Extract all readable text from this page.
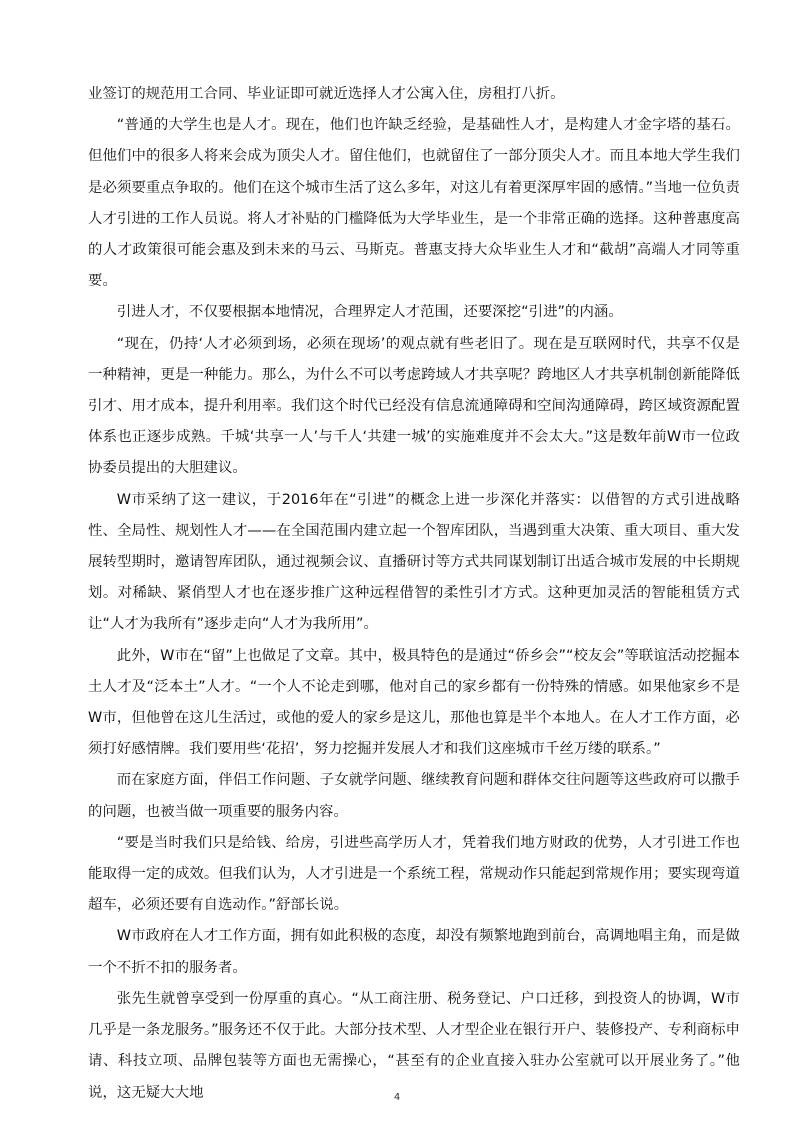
业签订的规范用工合同、毕业证即可就近选择人才公寓入住，房租打八折。

“普通的大学生也是人才。现在，他们也许缺乏经验，是基础性人才，是构建人才金字塔的基石。但他们中的很多人将来会成为顶尖人才。留住他们，也就留住了一部分顶尖人才。而且本地大学生我们是必须要重点争取的。他们在这个城市生活了这么多年，对这儿有着更深厚牢固的感情。”当地一位负责人才引进的工作人员说。将人才补贴的门槛降低为大学毕业生，是一个非常正确的选择。这种普惠度高的人才政策很可能会惠及到未来的马云、马斯克。普惠支持大众毕业生人才和“截胡”高端人才同等重要。

引进人才，不仅要根据本地情况，合理界定人才范围，还要深挖“引进”的内涵。

“现在，仍持‘人才必须到场，必须在现场’的观点就有些老旧了。现在是互联网时代，共享不仅是一种精神，更是一种能力。那么，为什么不可以考虑跨域人才共享呢？跨地区人才共享机制创新能降低引才、用才成本，提升利用率。我们这个时代已经没有信息流通障碍和空间沟通障碍，跨区域资源配置体系也正逐步成熟。千城‘共享一人’与千人‘共建一城’的实施难度并不会太大。”这是数年前W市一位政协委员提出的大胆建议。

W市采纳了这一建议，于2016年在“引进”的概念上进一步深化并落实：以借智的方式引进战略性、全局性、规划性人才——在全国范围内建立起一个智库团队，当遇到重大决策、重大项目、重大发展转型期时，邀请智库团队，通过视频会议、直播研讨等方式共同谋划制订出适合城市发展的中长期规划。对稀缺、紧俏型人才也在逐步推广这种远程借智的柔性引才方式。这种更加灵活的智能租赁方式让“人才为我所有”逐步走向“人才为我所用”。

此外，W市在“留”上也做足了文章。其中，极具特色的是通过“侨乡会”“校友会”等联谊活动挖掘本土人才及“泛本土”人才。“一个人不论走到哪，他对自己的家乡都有一份特殊的情感。如果他家乡不是W市，但他曾在这儿生活过，或他的爱人的家乡是这儿，那他也算是半个本地人。在人才工作方面，必须打好感情牌。我们要用些‘花招’，努力挖掘并发展人才和我们这座城市千丝万缕的联系。”

而在家庭方面，伴侣工作问题、子女就学问题、继续教育问题和群体交往问题等这些政府可以撒手的问题，也被当做一项重要的服务内容。

“要是当时我们只是给钱、给房，引进些高学历人才，凭着我们地方财政的优势，人才引进工作也能取得一定的成效。但我们认为，人才引进是一个系统工程，常规动作只能起到常规作用；要实现弯道超车，必须还要有自选动作。”舒部长说。

W市政府在人才工作方面，拥有如此积极的态度，却没有频繁地跑到前台，高调地唱主角，而是做一个不折不扣的服务者。

张先生就曾享受到一份厚重的真心。“从工商注册、税务登记、户口迁移，到投资人的协调，W市几乎是一条龙服务。”服务还不仅于此。大部分技术型、人才型企业在银行开户、装修投产、专利商标申请、科技立项、品牌包装等方面也无需操心，“甚至有的企业直接入驻办公室就可以开展业务了。”他说，这无疑大大地	4
